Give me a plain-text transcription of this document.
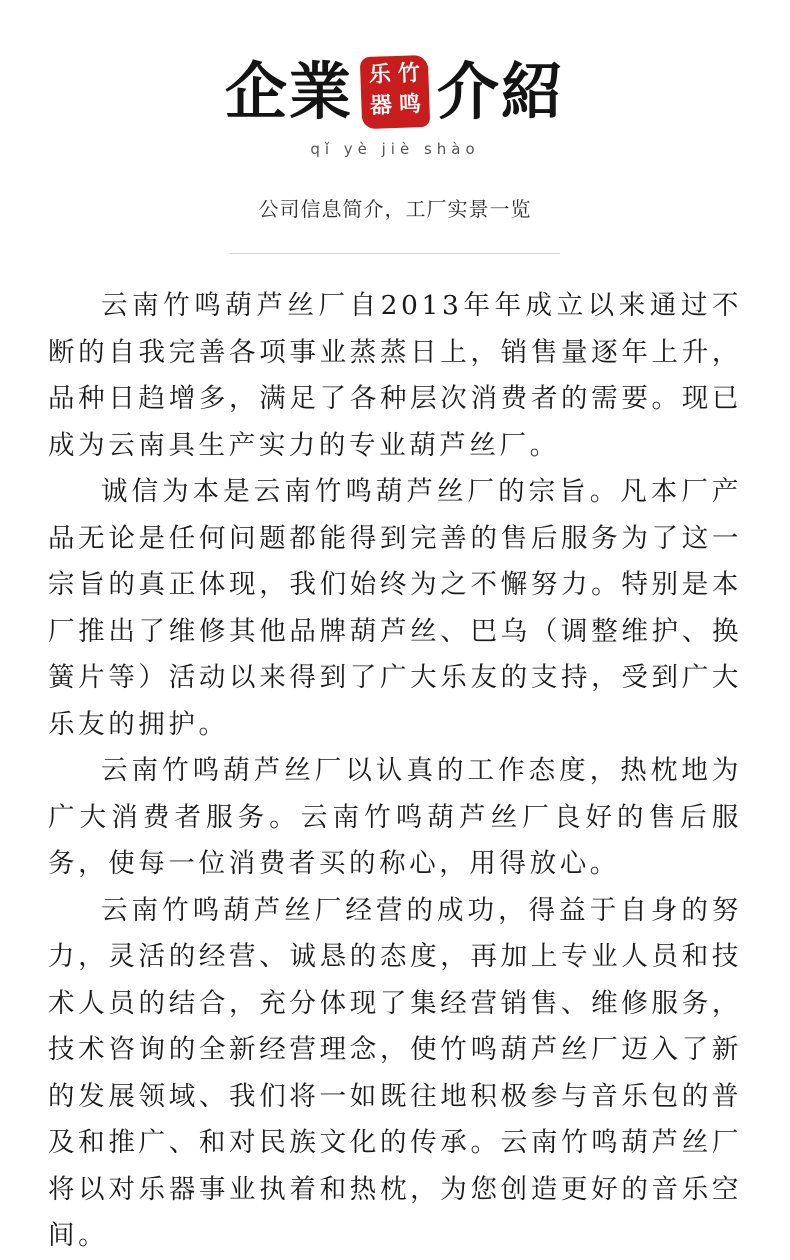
企業 乐 竹
器 鸣 介紹
qǐ yè jiè shào
公司信息简介，工厂实景一览

云南竹鸣葫芦丝厂自2013年年成立以来通过不断的自我完善各项事业蒸蒸日上，销售量逐年上升，品种日趋增多，满足了各种层次消费者的需要。现已成为云南具生产实力的专业葫芦丝厂。

诚信为本是云南竹鸣葫芦丝厂的宗旨。凡本厂产品无论是任何问题都能得到完善的售后服务为了这一宗旨的真正体现，我们始终为之不懈努力。特别是本厂推出了维修其他品牌葫芦丝、巴乌（调整维护、换簧片等）活动以来得到了广大乐友的支持，受到广大乐友的拥护。

云南竹鸣葫芦丝厂以认真的工作态度，热枕地为广大消费者服务。云南竹鸣葫芦丝厂良好的售后服务，使每一位消费者买的称心，用得放心。

云南竹鸣葫芦丝厂经营的成功，得益于自身的努力，灵活的经营、诚恳的态度，再加上专业人员和技术人员的结合，充分体现了集经营销售、维修服务，技术咨询的全新经营理念，使竹鸣葫芦丝厂迈入了新的发展领域、我们将一如既往地积极参与音乐包的普及和推广、和对民族文化的传承。云南竹鸣葫芦丝厂将以对乐器事业执着和热枕，为您创造更好的音乐空间。
